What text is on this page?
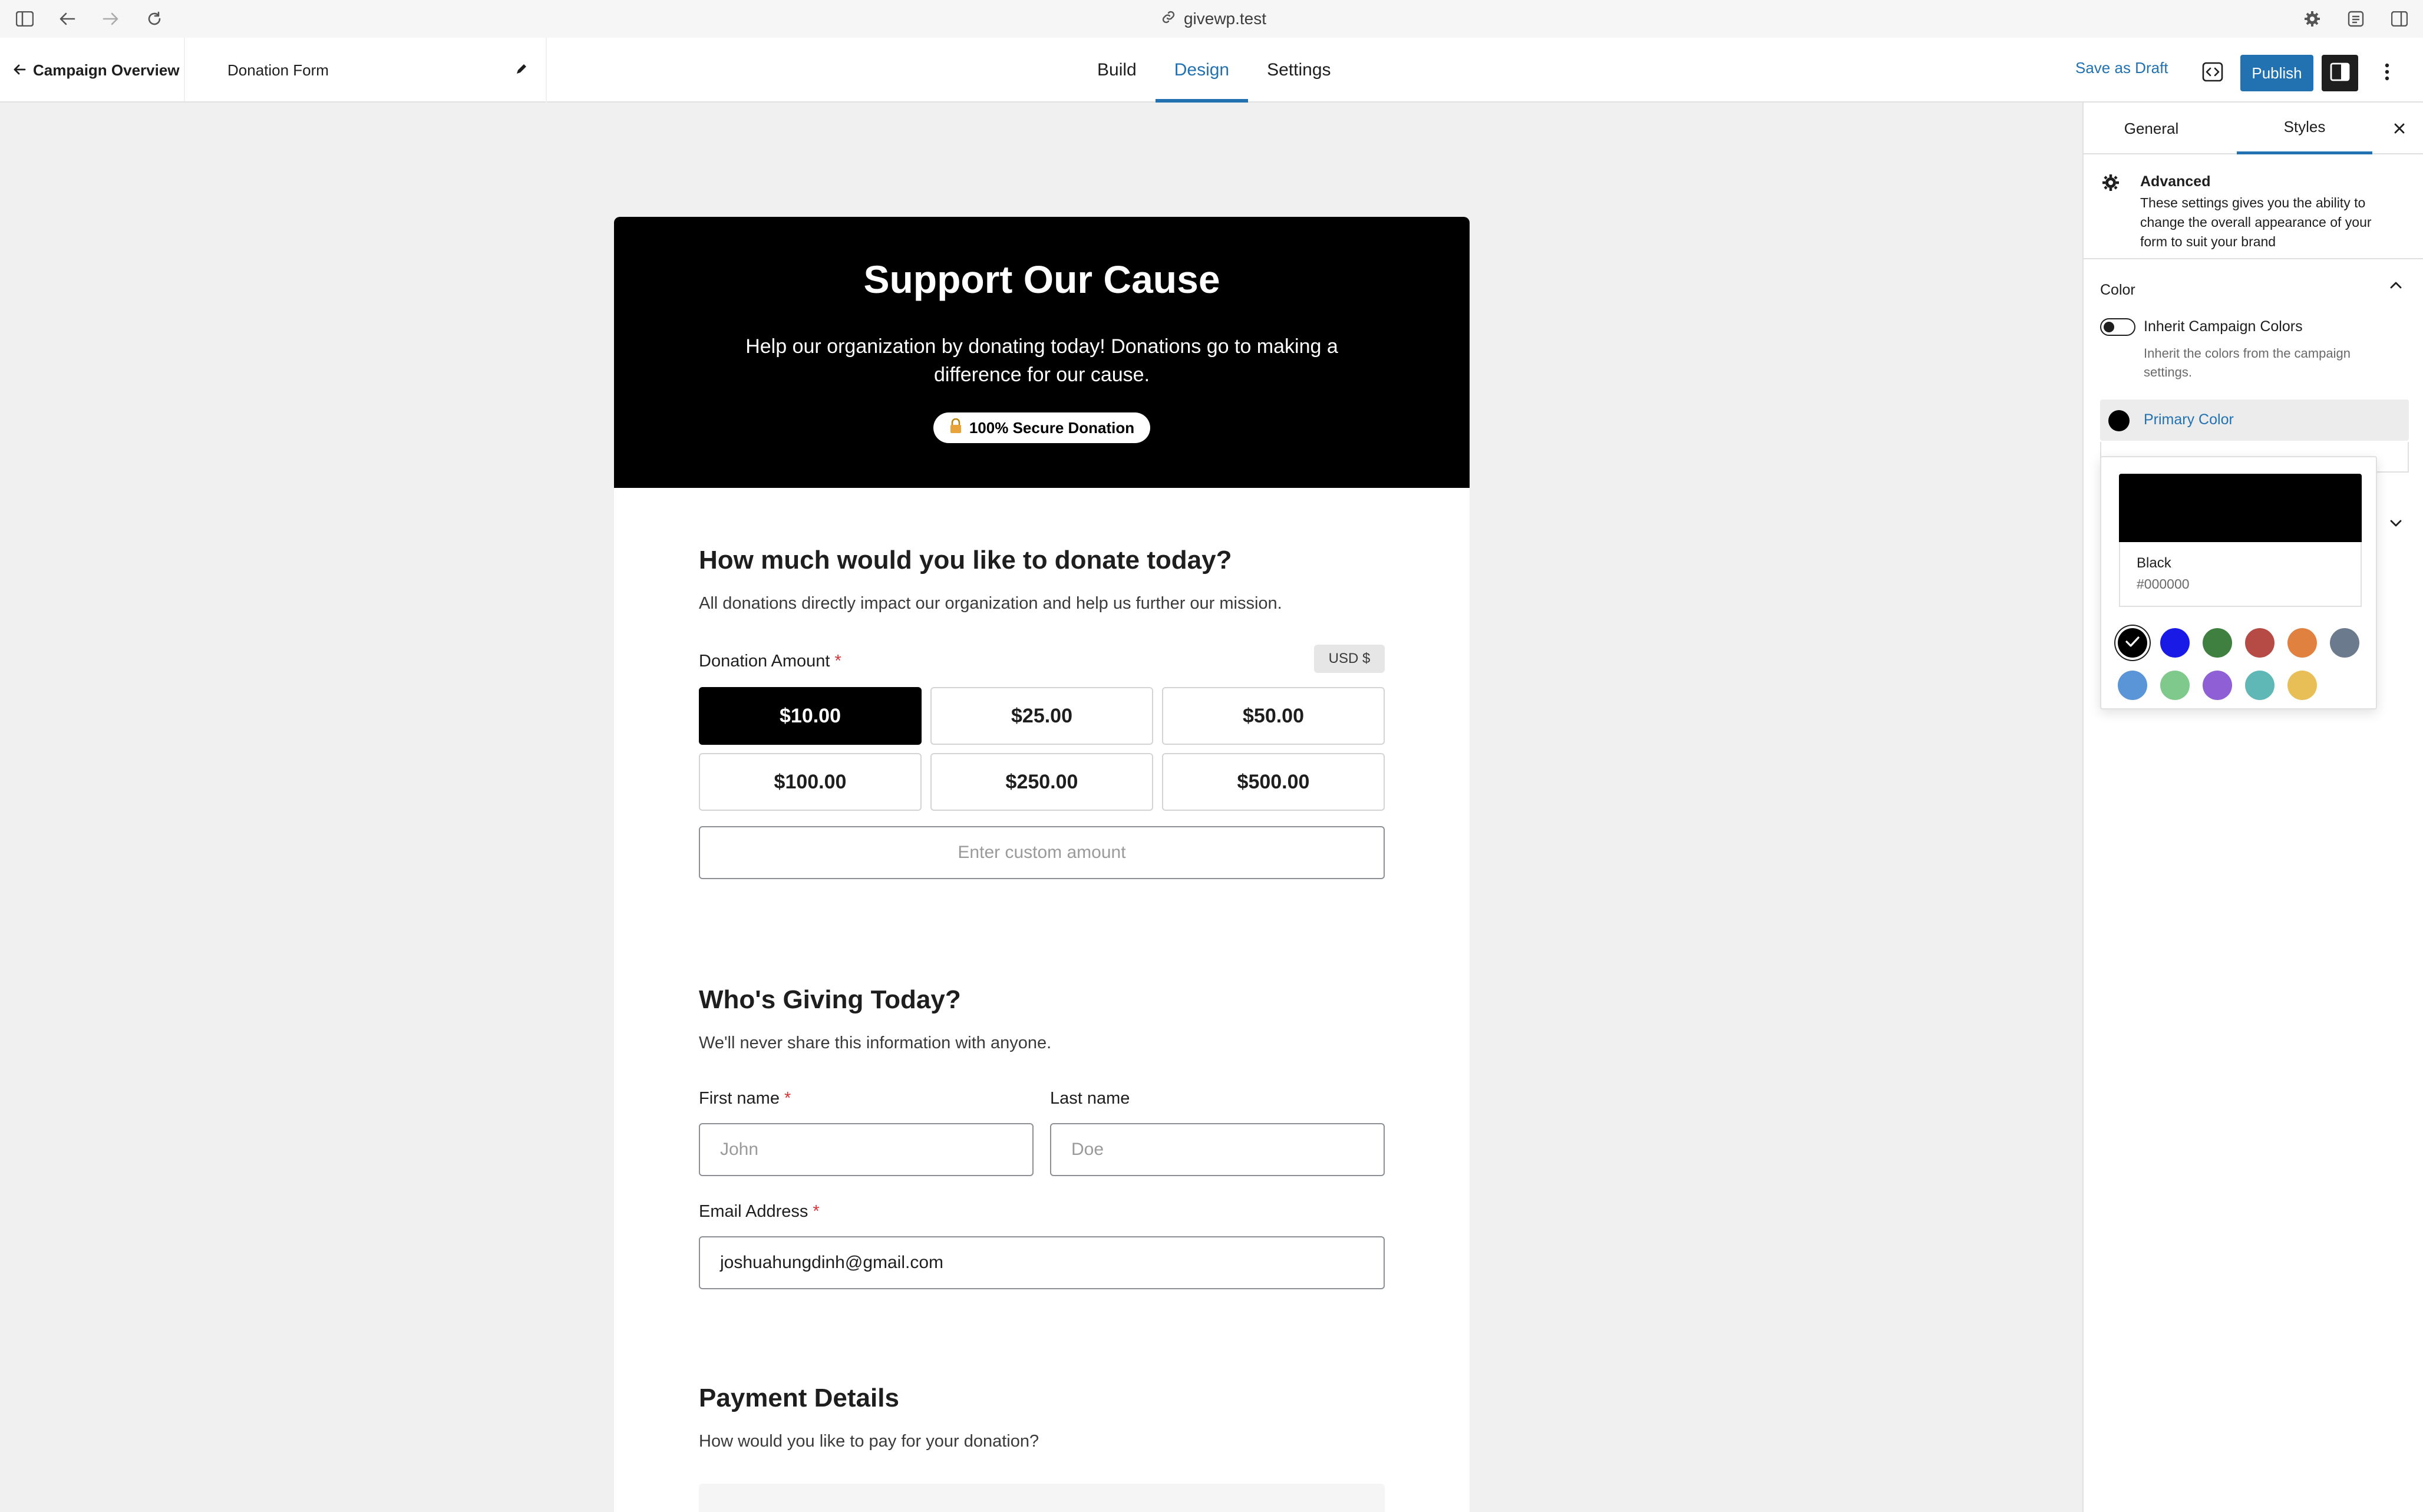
givewp.test
Campaign Overview	Donation Form	Build	Design	Settings	Save as Draft	Publish
Support Our Cause
Help our organization by donating today! Donations go to making a difference for our cause.
100% Secure Donation
How much would you like to donate today?
All donations directly impact our organization and help us further our mission.
Donation Amount *	USD $
$10.00	$25.00	$50.00
$100.00	$250.00	$500.00
Enter custom amount
Who's Giving Today?
We'll never share this information with anyone.
First name *
John
Last name
Doe
Email Address *
joshuahungdinh@gmail.com
Payment Details
How would you like to pay for your donation?
General	Styles
Advanced
These settings gives you the ability to change the overall appearance of your form to suit your brand
Color
Inherit Campaign Colors
Inherit the colors from the campaign settings.
Primary Color
Black
#000000
